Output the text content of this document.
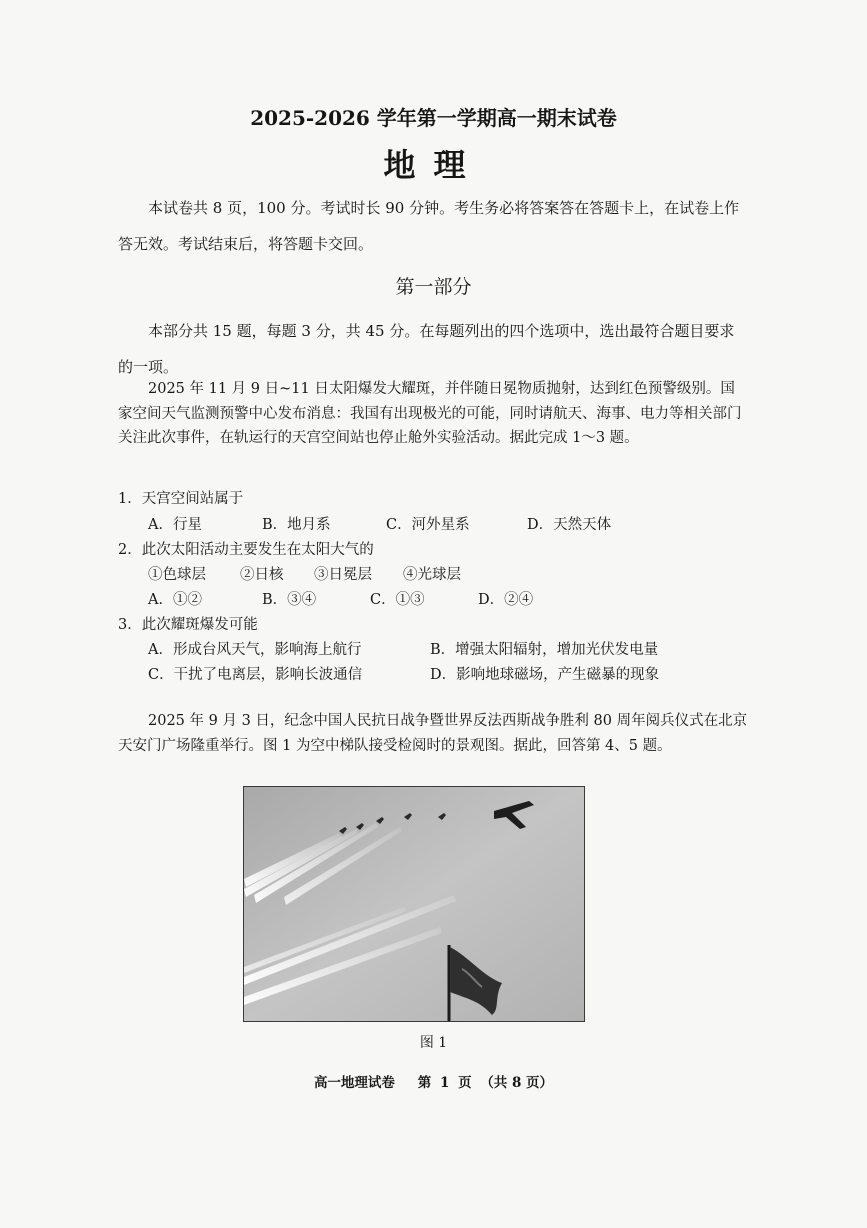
2025-2026 学年第一学期高一期末试卷
地理
本试卷共 8 页，100 分。考试时长 90 分钟。考生务必将答案答在答题卡上，在试卷上作答无效。考试结束后，将答题卡交回。
第一部分
本部分共 15 题，每题 3 分，共 45 分。在每题列出的四个选项中，选出最符合题目要求的一项。
2025 年 11 月 9 日~11 日太阳爆发大耀斑，并伴随日冕物质抛射，达到红色预警级别。国家空间天气监测预警中心发布消息：我国有出现极光的可能，同时请航天、海事、电力等相关部门关注此次事件，在轨运行的天宫空间站也停止舱外实验活动。据此完成 1～3 题。
1．天宫空间站属于
A．行星	B．地月系	C．河外星系	D．天然天体
2．此次太阳活动主要发生在太阳大气的
①色球层 ②日核 ③日冕层 ④光球层
A．①②	B．③④	C．①③	D．②④
3．此次耀斑爆发可能
A．形成台风天气，影响海上航行	B．增强太阳辐射，增加光伏发电量
C．干扰了电离层，影响长波通信	D．影响地球磁场，产生磁暴的现象
2025 年 9 月 3 日，纪念中国人民抗日战争暨世界反法西斯战争胜利 80 周年阅兵仪式在北京天安门广场隆重举行。图 1 为空中梯队接受检阅时的景观图。据此，回答第 4、5 题。
图 1
高一地理试卷 第 1 页 （共 8 页）
